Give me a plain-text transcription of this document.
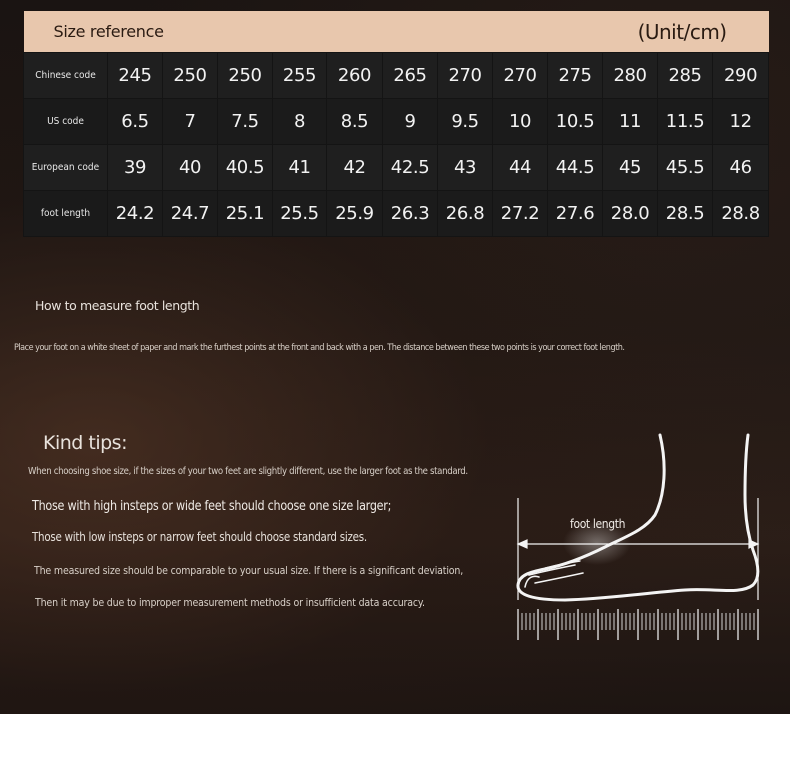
Size reference							(Unit/cm)					
Chinese code	245	250	250	255	260	265	270	270	275	280	285	290
US code	6.5	7	7.5	8	8.5	9	9.5	10	10.5	11	11.5	12
European code	39	40	40.5	41	42	42.5	43	44	44.5	45	45.5	46
foot length	24.2	24.7	25.1	25.5	25.9	26.3	26.8	27.2	27.6	28.0	28.5	28.8
How to measure foot length
Place your foot on a white sheet of paper and mark the furthest points at the front and back with a pen. The distance between these two points is your correct foot length.
Kind tips:
When choosing shoe size, if the sizes of your two feet are slightly different, use the larger foot as the standard.
Those with high insteps or wide feet should choose one size larger;
Those with low insteps or narrow feet should choose standard sizes.
The measured size should be comparable to your usual size. If there is a significant deviation,
Then it may be due to improper measurement methods or insufficient data accuracy.
foot length
